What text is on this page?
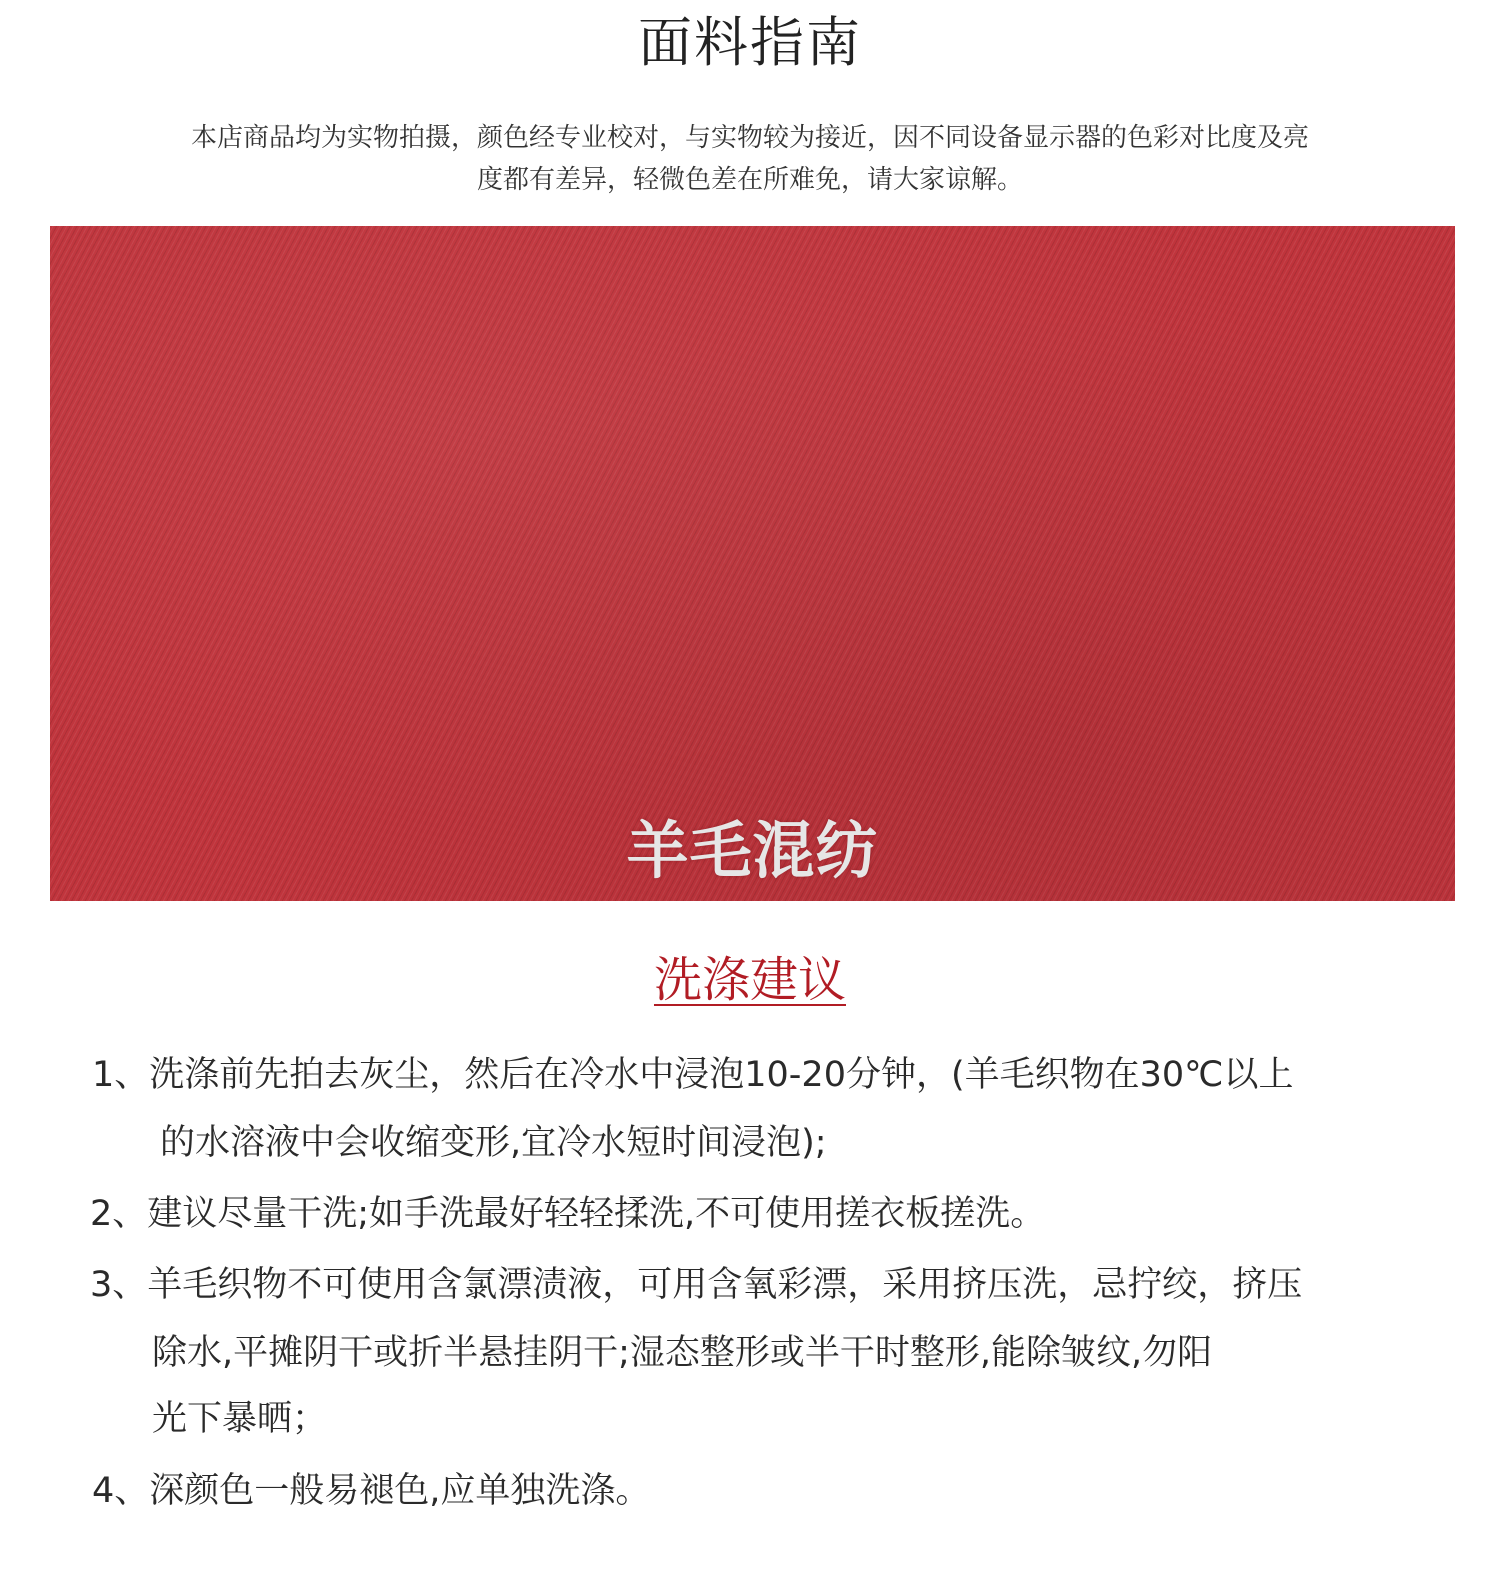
面料指南
本店商品均为实物拍摄，颜色经专业校对，与实物较为接近，因不同设备显示器的色彩对比度及亮
度都有差异，轻微色差在所难免，请大家谅解。
羊毛混纺
洗涤建议
1、洗涤前先拍去灰尘，然后在冷水中浸泡10-20分钟，(羊毛织物在30℃以上
的水溶液中会收缩变形,宜冷水短时间浸泡);
2、建议尽量干洗;如手洗最好轻轻揉洗,不可使用搓衣板搓洗。
3、羊毛织物不可使用含氯漂渍液，可用含氧彩漂，采用挤压洗，忌拧绞，挤压
除水,平摊阴干或折半悬挂阴干;湿态整形或半干时整形,能除皱纹,勿阳
光下暴晒；
4、深颜色一般易褪色,应单独洗涤。
